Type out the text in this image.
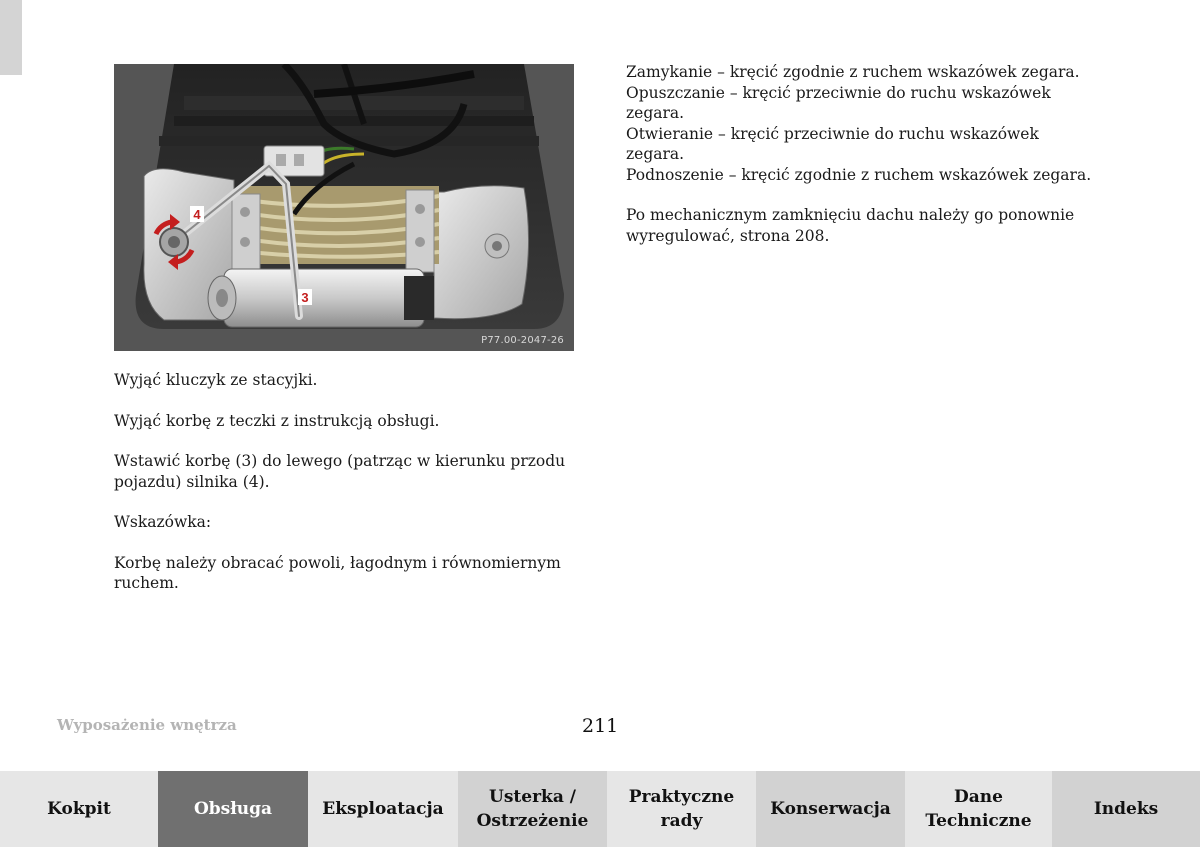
4
3
P77.00-2047-26

Wyjąć kluczyk ze stacyjki.

Wyjąć korbę z teczki z instrukcją obsługi.

Wstawić korbę (3) do lewego (patrząc w kierunku przodu pojazdu) silnika (4).

Wskazówka:

Korbę należy obracać powoli, łagodnym i równomiernym ruchem.

Zamykanie – kręcić zgodnie z ruchem wskazówek zegara.

Opuszczanie – kręcić przeciwnie do ruchu wskazówek zegara.

Otwieranie – kręcić przeciwnie do ruchu wskazówek zegara.

Podnoszenie – kręcić zgodnie z ruchem wskazówek zegara.

Po mechanicznym zamknięciu dachu należy go ponownie wyregulować, strona 208.

Wyposażenie wnętrza	211
Kokpit	Obsługa	Eksploatacja
Usterka /
Ostrzeżenie
Praktyczne
rady
Konserwacja
Dane
Techniczne
Indeks
